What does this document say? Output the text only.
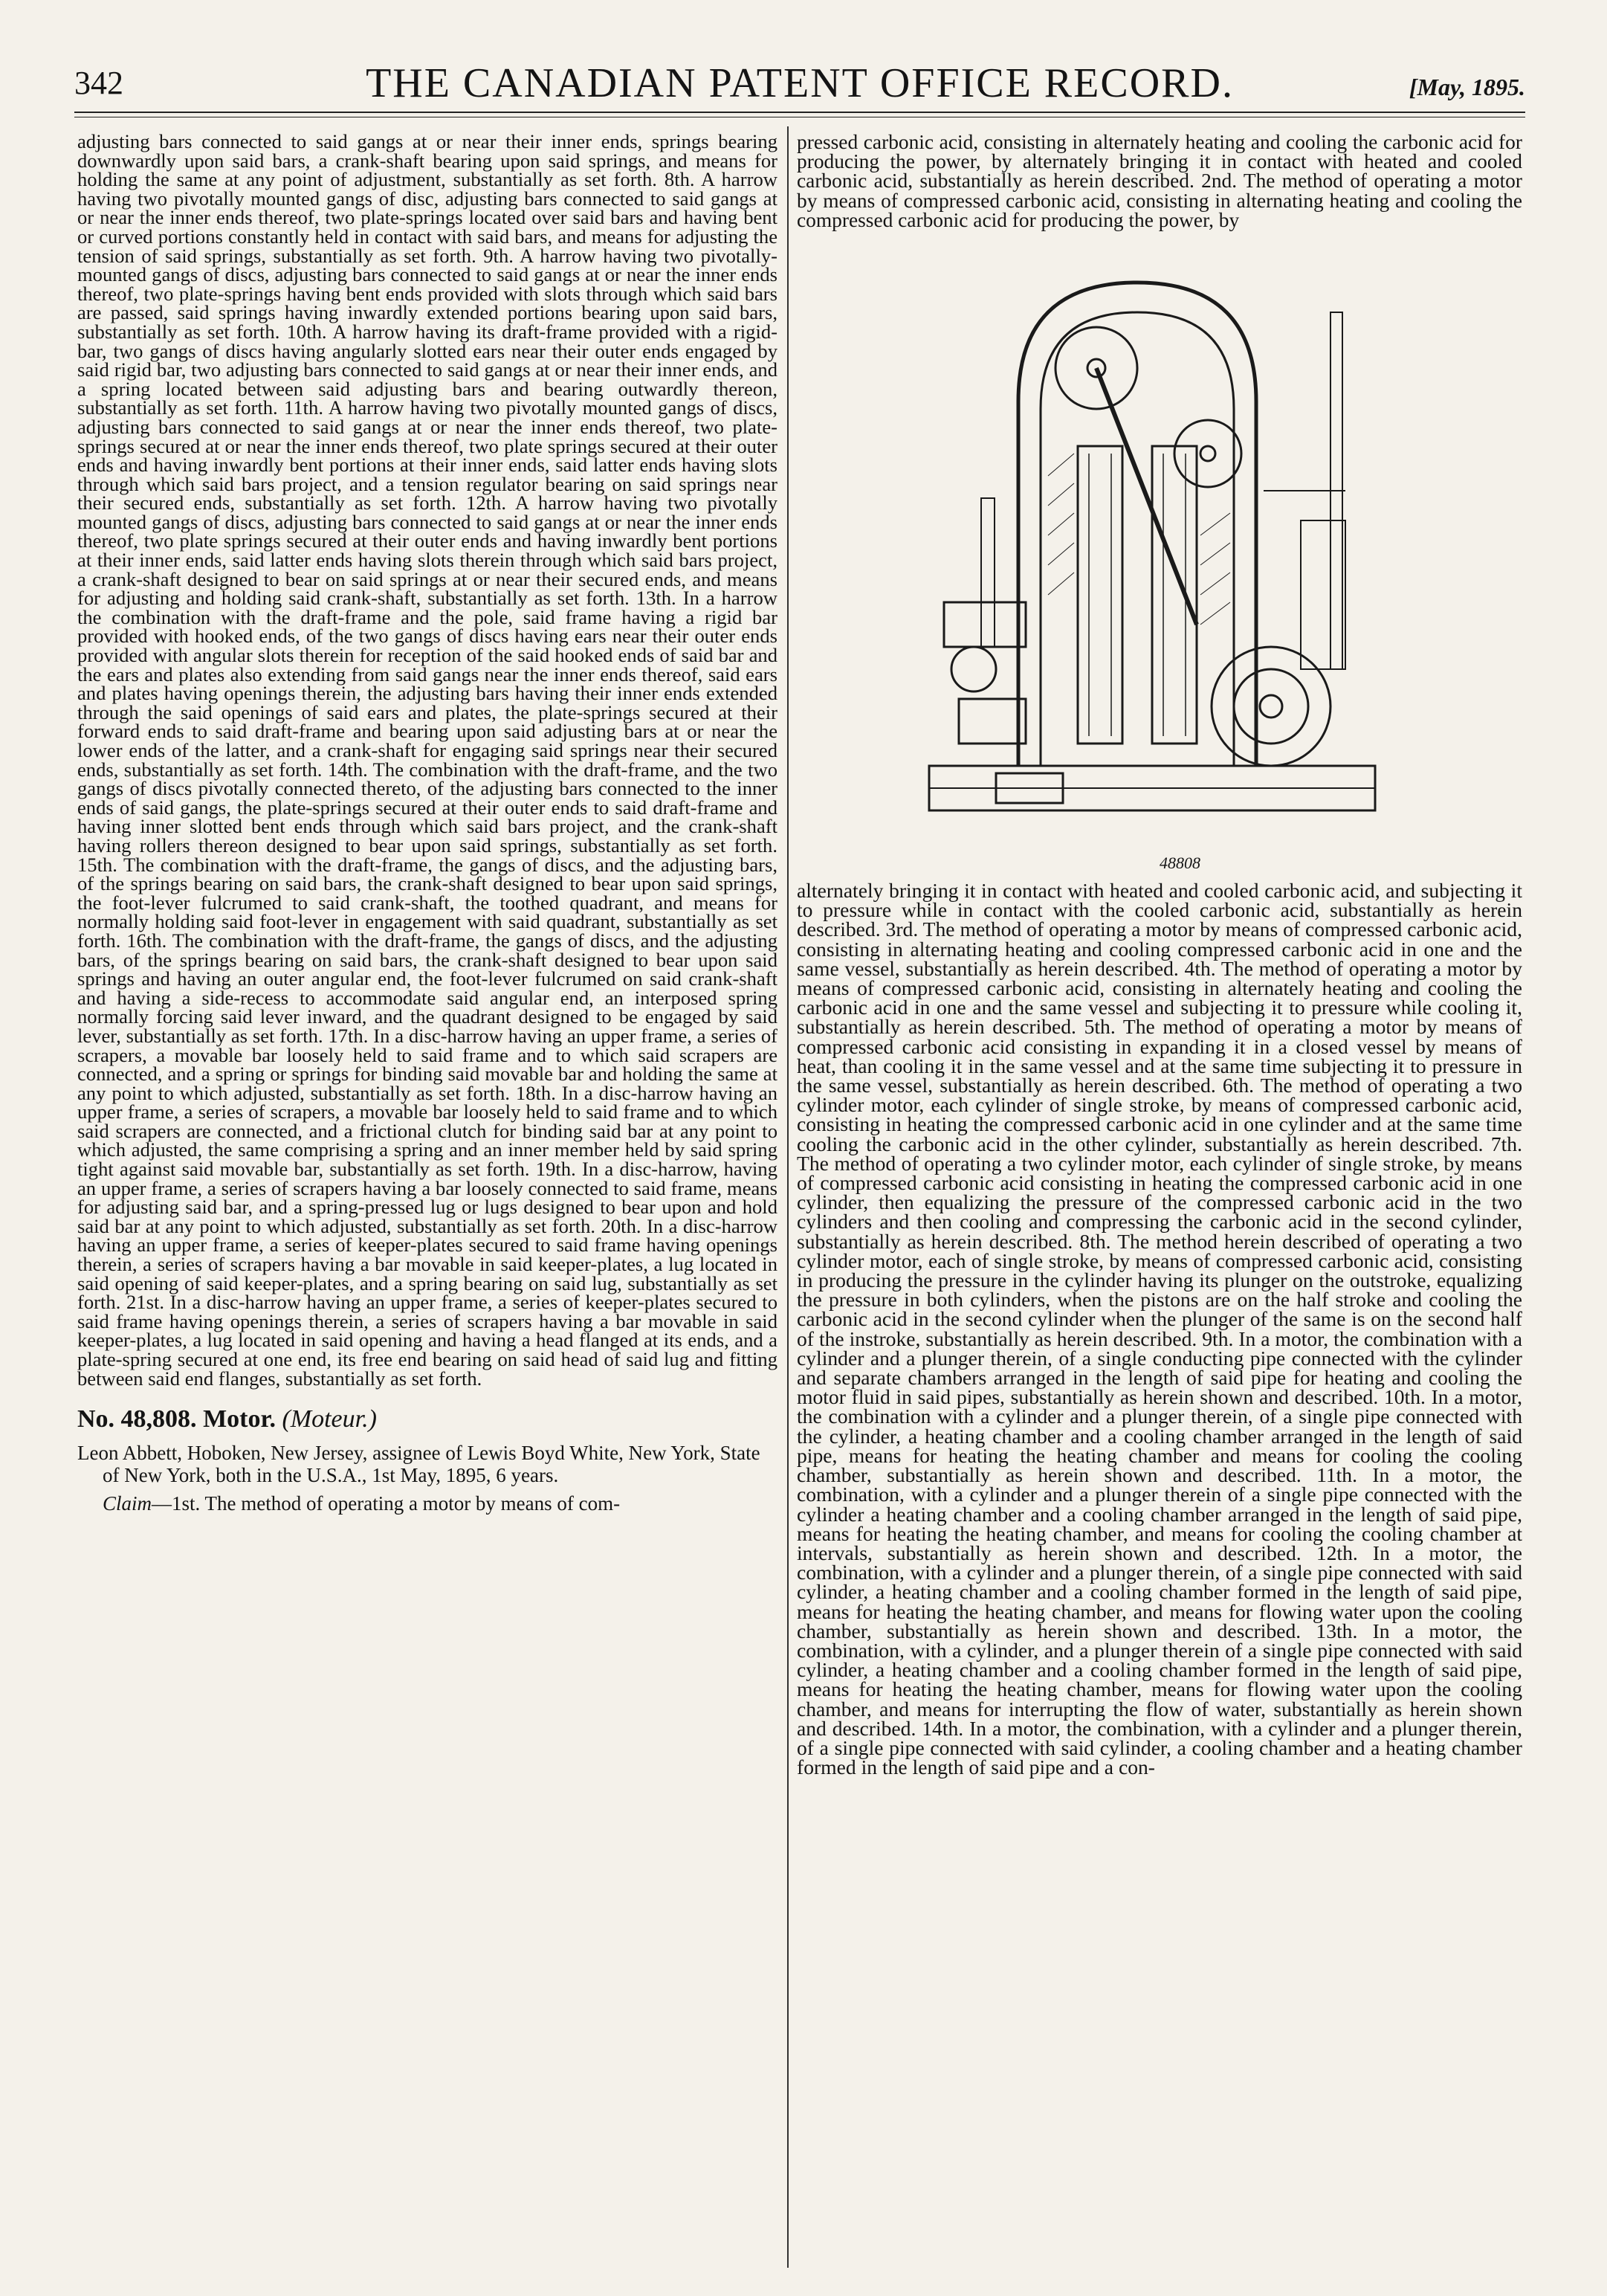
342	THE CANADIAN PATENT OFFICE RECORD.	[May, 1895.

adjusting bars connected to said gangs at or near their inner ends, springs bearing downwardly upon said bars, a crank-shaft bearing upon said springs, and means for holding the same at any point of adjustment, substantially as set forth. 8th. A harrow having two pivotally mounted gangs of disc, adjusting bars connected to said gangs at or near the inner ends thereof, two plate-springs located over said bars and having bent or curved portions constantly held in contact with said bars, and means for adjusting the tension of said springs, substantially as set forth. 9th. A harrow having two pivotally-mounted gangs of discs, adjusting bars connected to said gangs at or near the inner ends thereof, two plate-springs having bent ends provided with slots through which said bars are passed, said springs having inwardly extended portions bearing upon said bars, substantially as set forth. 10th. A harrow having its draft-frame provided with a rigid-bar, two gangs of discs having angularly slotted ears near their outer ends engaged by said rigid bar, two adjusting bars connected to said gangs at or near their inner ends, and a spring located between said adjusting bars and bearing outwardly thereon, substantially as set forth. 11th. A harrow having two pivotally mounted gangs of discs, adjusting bars connected to said gangs at or near the inner ends thereof, two plate-springs secured at or near the inner ends thereof, two plate springs secured at their outer ends and having inwardly bent portions at their inner ends, said latter ends having slots through which said bars project, and a tension regulator bearing on said springs near their secured ends, substantially as set forth. 12th. A harrow having two pivotally mounted gangs of discs, adjusting bars connected to said gangs at or near the inner ends thereof, two plate springs secured at their outer ends and having inwardly bent portions at their inner ends, said latter ends having slots therein through which said bars project, a crank-shaft designed to bear on said springs at or near their secured ends, and means for adjusting and holding said crank-shaft, substantially as set forth. 13th. In a harrow the combination with the draft-frame and the pole, said frame having a rigid bar provided with hooked ends, of the two gangs of discs having ears near their outer ends provided with angular slots therein for reception of the said hooked ends of said bar and the ears and plates also extending from said gangs near the inner ends thereof, said ears and plates having openings therein, the adjusting bars having their inner ends extended through the said openings of said ears and plates, the plate-springs secured at their forward ends to said draft-frame and bearing upon said adjusting bars at or near the lower ends of the latter, and a crank-shaft for engaging said springs near their secured ends, substantially as set forth. 14th. The combination with the draft-frame, and the two gangs of discs pivotally connected thereto, of the adjusting bars connected to the inner ends of said gangs, the plate-springs secured at their outer ends to said draft-frame and having inner slotted bent ends through which said bars project, and the crank-shaft having rollers thereon designed to bear upon said springs, substantially as set forth. 15th. The combination with the draft-frame, the gangs of discs, and the adjusting bars, of the springs bearing on said bars, the crank-shaft designed to bear upon said springs, the foot-lever fulcrumed to said crank-shaft, the toothed quadrant, and means for normally holding said foot-lever in engagement with said quadrant, substantially as set forth. 16th. The combination with the draft-frame, the gangs of discs, and the adjusting bars, of the springs bearing on said bars, the crank-shaft designed to bear upon said springs and having an outer angular end, the foot-lever fulcrumed on said crank-shaft and having a side-recess to accommodate said angular end, an interposed spring normally forcing said lever inward, and the quadrant designed to be engaged by said lever, substantially as set forth. 17th. In a disc-harrow having an upper frame, a series of scrapers, a movable bar loosely held to said frame and to which said scrapers are connected, and a spring or springs for binding said movable bar and holding the same at any point to which adjusted, substantially as set forth. 18th. In a disc-harrow having an upper frame, a series of scrapers, a movable bar loosely held to said frame and to which said scrapers are connected, and a frictional clutch for binding said bar at any point to which adjusted, the same comprising a spring and an inner member held by said spring tight against said movable bar, substantially as set forth. 19th. In a disc-harrow, having an upper frame, a series of scrapers having a bar loosely connected to said frame, means for adjusting said bar, and a spring-pressed lug or lugs designed to bear upon and hold said bar at any point to which adjusted, substantially as set forth. 20th. In a disc-harrow having an upper frame, a series of keeper-plates secured to said frame having openings therein, a series of scrapers having a bar movable in said keeper-plates, a lug located in said opening of said keeper-plates, and a spring bearing on said lug, substantially as set forth. 21st. In a disc-harrow having an upper frame, a series of keeper-plates secured to said frame having openings therein, a series of scrapers having a bar movable in said keeper-plates, a lug located in said opening and having a head flanged at its ends, and a plate-spring secured at one end, its free end bearing on said head of said lug and fitting between said end flanges, substantially as set forth.

No. 48,808. Motor. (Moteur.)

Leon Abbett, Hoboken, New Jersey, assignee of Lewis Boyd White, New York, State of New York, both in the U.S.A., 1st May, 1895, 6 years.

Claim—1st. The method of operating a motor by means of com-

pressed carbonic acid, consisting in alternately heating and cooling the carbonic acid for producing the power, by alternately bringing it in contact with heated and cooled carbonic acid, substantially as herein described. 2nd. The method of operating a motor by means of compressed carbonic acid, consisting in alternating heating and cooling the compressed carbonic acid for producing the power, by

48808

alternately bringing it in contact with heated and cooled carbonic acid, and subjecting it to pressure while in contact with the cooled carbonic acid, substantially as herein described. 3rd. The method of operating a motor by means of compressed carbonic acid, consisting in alternating heating and cooling compressed carbonic acid in one and the same vessel, substantially as herein described. 4th. The method of operating a motor by means of compressed carbonic acid, consisting in alternately heating and cooling the carbonic acid in one and the same vessel and subjecting it to pressure while cooling it, substantially as herein described. 5th. The method of operating a motor by means of compressed carbonic acid consisting in expanding it in a closed vessel by means of heat, than cooling it in the same vessel and at the same time subjecting it to pressure in the same vessel, substantially as herein described. 6th. The method of operating a two cylinder motor, each cylinder of single stroke, by means of compressed carbonic acid, consisting in heating the compressed carbonic acid in one cylinder and at the same time cooling the carbonic acid in the other cylinder, substantially as herein described. 7th. The method of operating a two cylinder motor, each cylinder of single stroke, by means of compressed carbonic acid consisting in heating the compressed carbonic acid in one cylinder, then equalizing the pressure of the compressed carbonic acid in the two cylinders and then cooling and compressing the carbonic acid in the second cylinder, substantially as herein described. 8th. The method herein described of operating a two cylinder motor, each of single stroke, by means of compressed carbonic acid, consisting in producing the pressure in the cylinder having its plunger on the outstroke, equalizing the pressure in both cylinders, when the pistons are on the half stroke and cooling the carbonic acid in the second cylinder when the plunger of the same is on the second half of the instroke, substantially as herein described. 9th. In a motor, the combination with a cylinder and a plunger therein, of a single conducting pipe connected with the cylinder and separate chambers arranged in the length of said pipe for heating and cooling the motor fluid in said pipes, substantially as herein shown and described. 10th. In a motor, the combination with a cylinder and a plunger therein, of a single pipe connected with the cylinder, a heating chamber and a cooling chamber arranged in the length of said pipe, means for heating the heating chamber and means for cooling the cooling chamber, substantially as herein shown and described. 11th. In a motor, the combination, with a cylinder and a plunger therein of a single pipe connected with the cylinder a heating chamber and a cooling chamber arranged in the length of said pipe, means for heating the heating chamber, and means for cooling the cooling chamber at intervals, substantially as herein shown and described. 12th. In a motor, the combination, with a cylinder and a plunger therein, of a single pipe connected with said cylinder, a heating chamber and a cooling chamber formed in the length of said pipe, means for heating the heating chamber, and means for flowing water upon the cooling chamber, substantially as herein shown and described. 13th. In a motor, the combination, with a cylinder, and a plunger therein of a single pipe connected with said cylinder, a heating chamber and a cooling chamber formed in the length of said pipe, means for heating the heating chamber, means for flowing water upon the cooling chamber, and means for interrupting the flow of water, substantially as herein shown and described. 14th. In a motor, the combination, with a cylinder and a plunger therein, of a single pipe connected with said cylinder, a cooling chamber and a heating chamber formed in the length of said pipe and a con-
